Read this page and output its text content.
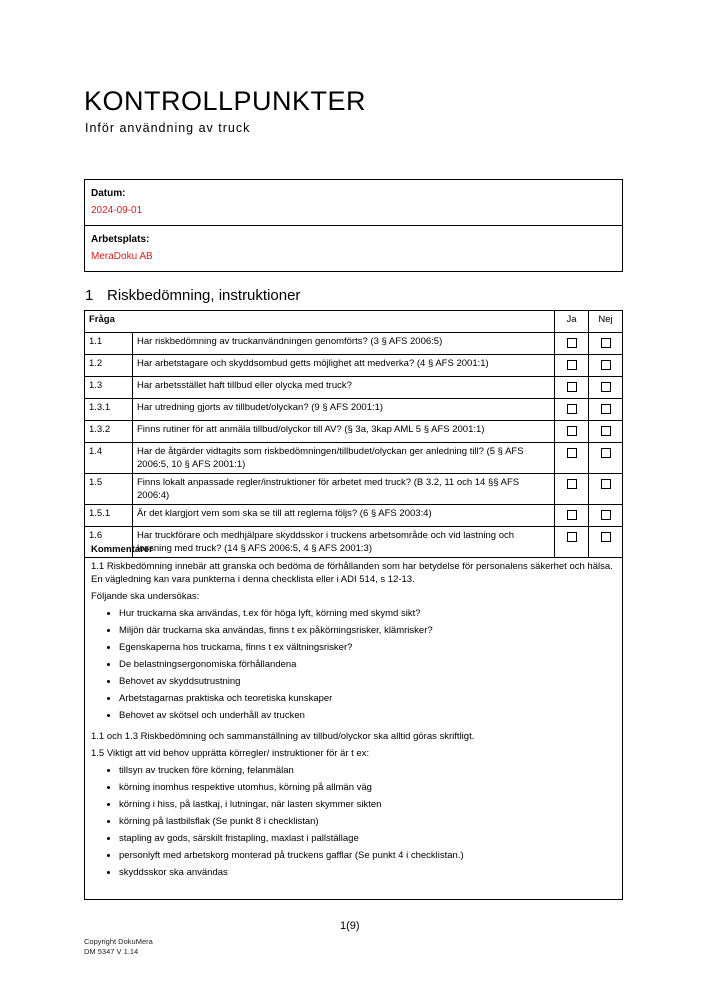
KONTROLLPUNKTER
Inför användning av truck
Datum:
2024-09-01
Arbetsplats:
MeraDoku AB
1 Riskbedömning, instruktioner
Fråga		Ja	Nej
1.1	Har riskbedömning av truckanvändningen genomförts? (3 § AFS 2006:5)		
1.2	Har arbetstagare och skyddsombud getts möjlighet att medverka? (4 § AFS 2001:1)		
1.3	Har arbetsstället haft tillbud eller olycka med truck?		
1.3.1	Har utredning gjorts av tillbudet/olyckan? (9 § AFS 2001:1)		
1.3.2	Finns rutiner för att anmäla tillbud/olyckor till AV? (§ 3a, 3kap AML 5 § AFS 2001:1)		
1.4	Har de åtgärder vidtagits som riskbedömningen/tillbudet/olyckan ger anledning till? (5 § AFS 2006:5, 10 § AFS 2001:1)		
1.5	Finns lokalt anpassade regler/instruktioner för arbetet med truck? (B 3.2, 11 och 14 §§ AFS 2006:4)		
1.5.1	Är det klargjort vem som ska se till att reglerna följs? (6 § AFS 2003:4)		
1.6	Har truckförare och medhjälpare skyddsskor i truckens arbetsområde och vid lastning och lossning med truck? (14 § AFS 2006:5, 4 § AFS 2001:3)		

Kommentarer

1.1 Riskbedömning innebär att granska och bedöma de förhållanden som har betydelse för personalens säkerhet och hälsa. En vägledning kan vara punkterna i denna checklista eller i ADI 514, s 12-13.

Följande ska undersökas:

• Hur truckarna ska användas, t.ex för höga lyft, körning med skymd sikt?
• Miljön där truckarna ska användas, finns t ex påkörningsrisker, klämrisker?
• Egenskaperna hos truckarna, finns t ex vältningsrisker?
• De belastningsergonomiska förhållandena
• Behovet av skyddsutrustning
• Arbetstagarnas praktiska och teoretiska kunskaper
• Behovet av skötsel och underhåll av trucken

1.1 och 1.3 Riskbedömning och sammanställning av tillbud/olyckor ska alltid göras skriftligt.

1.5 Viktigt att vid behov upprätta körregler/ instruktioner för är t ex:

• tillsyn av trucken före körning, felanmälan
• körning inomhus respektive utomhus, körning på allmän väg
• körning i hiss, på lastkaj, i lutningar, när lasten skymmer sikten
• körning på lastbilsflak (Se punkt 8 i checklistan)
• stapling av gods, särskilt fristapling, maxlast i pallställage
• personlyft med arbetskorg monterad på truckens gafflar (Se punkt 4 i checklistan.)
• skyddsskor ska användas
1(9)
Copyright DokuMera
DM 5347 V 1.14
